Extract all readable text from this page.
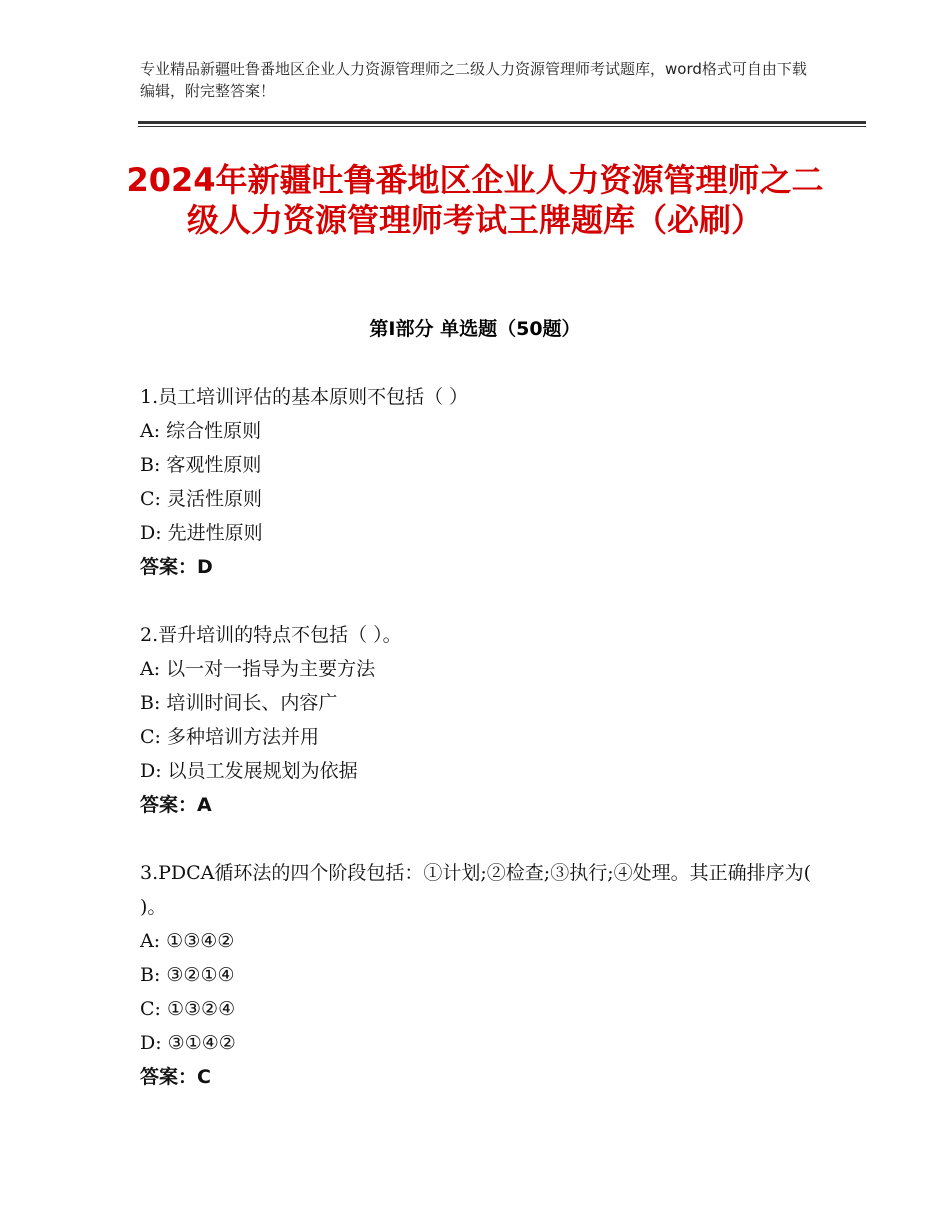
专业精品新疆吐鲁番地区企业人力资源管理师之二级人力资源管理师考试题库，word格式可自由下载编辑，附完整答案！
2024年新疆吐鲁番地区企业人力资源管理师之二级人力资源管理师考试王牌题库（必刷）
第Ⅰ部分 单选题（50题）
1.员工培训评估的基本原则不包括（ ）
A: 综合性原则
B: 客观性原则
C: 灵活性原则
D: 先进性原则
答案：D
2.晋升培训的特点不包括（ ）。
A: 以一对一指导为主要方法
B: 培训时间长、内容广
C: 多种培训方法并用
D: 以员工发展规划为依据
答案：A
3.PDCA循环法的四个阶段包括：①计划;②检查;③执行;④处理。其正确排序为( )。
A: ①③④②
B: ③②①④
C: ①③②④
D: ③①④②
答案：C
